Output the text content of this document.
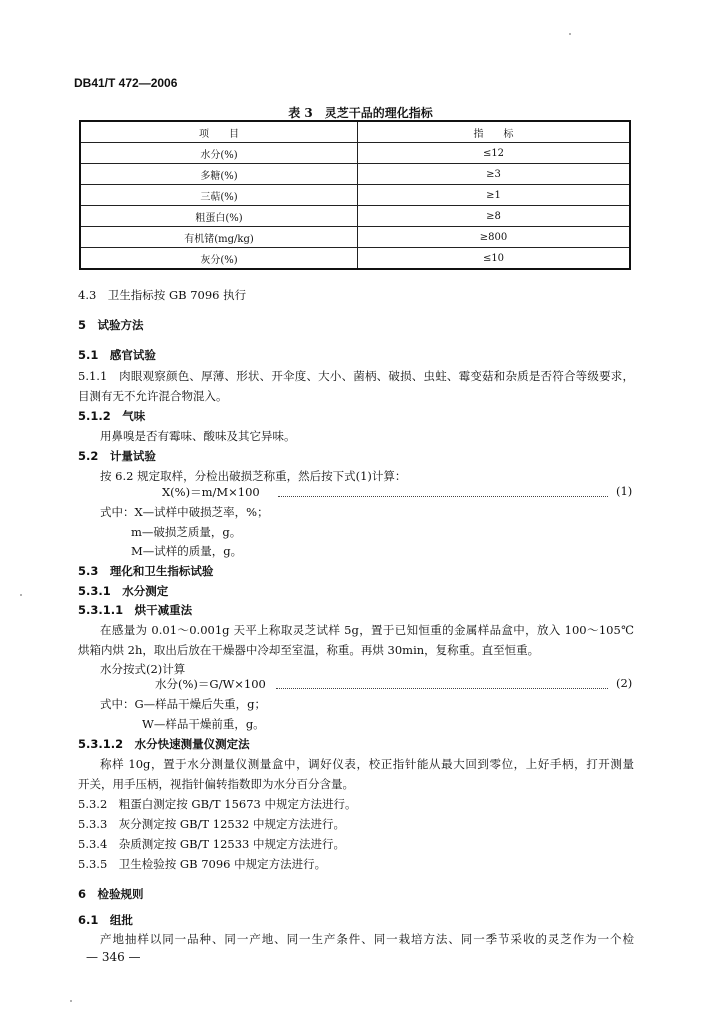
DB41/T 472—2006
表 3　灵芝干品的理化指标
项　　目	指　　标
水分(%)	≤12
多糖(%)	≥3
三萜(%)	≥1
粗蛋白(%)	≥8
有机锗(mg/kg)	≥800
灰分(%)	≤10
4.3　卫生指标按 GB 7096 执行
5　试验方法
5.1　感官试验
5.1.1　肉眼观察颜色、厚薄、形状、开伞度、大小、菌柄、破损、虫蛀、霉变菇和杂质是否符合等级要求，
目测有无不允许混合物混入。
5.1.2　气味
用鼻嗅是否有霉味、酸味及其它异味。
5.2　计量试验
按 6.2 规定取样，分检出破损芝称重，然后按下式(1)计算：
X(%)＝m/M×100	(1)
式中：X—试样中破损芝率，%；
m—破损芝质量，g。
M—试样的质量，g。
5.3　理化和卫生指标试验
5.3.1　水分测定
5.3.1.1　烘干减重法
在感量为 0.01～0.001g 天平上称取灵芝试样 5g，置于已知恒重的金属样品盒中，放入 100～105℃
烘箱内烘 2h，取出后放在干燥器中冷却至室温，称重。再烘 30min，复称重。直至恒重。
水分按式(2)计算
水分(%)＝G/W×100	(2)
式中：G—样品干燥后失重，g；
W—样品干燥前重，g。
5.3.1.2　水分快速测量仪测定法
称样 10g，置于水分测量仪测量盒中，调好仪表，校正指针能从最大回到零位，上好手柄，打开测量
开关，用手压柄，视指针偏转指数即为水分百分含量。
5.3.2　粗蛋白测定按 GB/T 15673 中规定方法进行。
5.3.3　灰分测定按 GB/T 12532 中规定方法进行。
5.3.4　杂质测定按 GB/T 12533 中规定方法进行。
5.3.5　卫生检验按 GB 7096 中规定方法进行。
6　检验规则
6.1　组批
产地抽样以同一品种、同一产地、同一生产条件、同一栽培方法、同一季节采收的灵芝作为一个检
— 346 —
